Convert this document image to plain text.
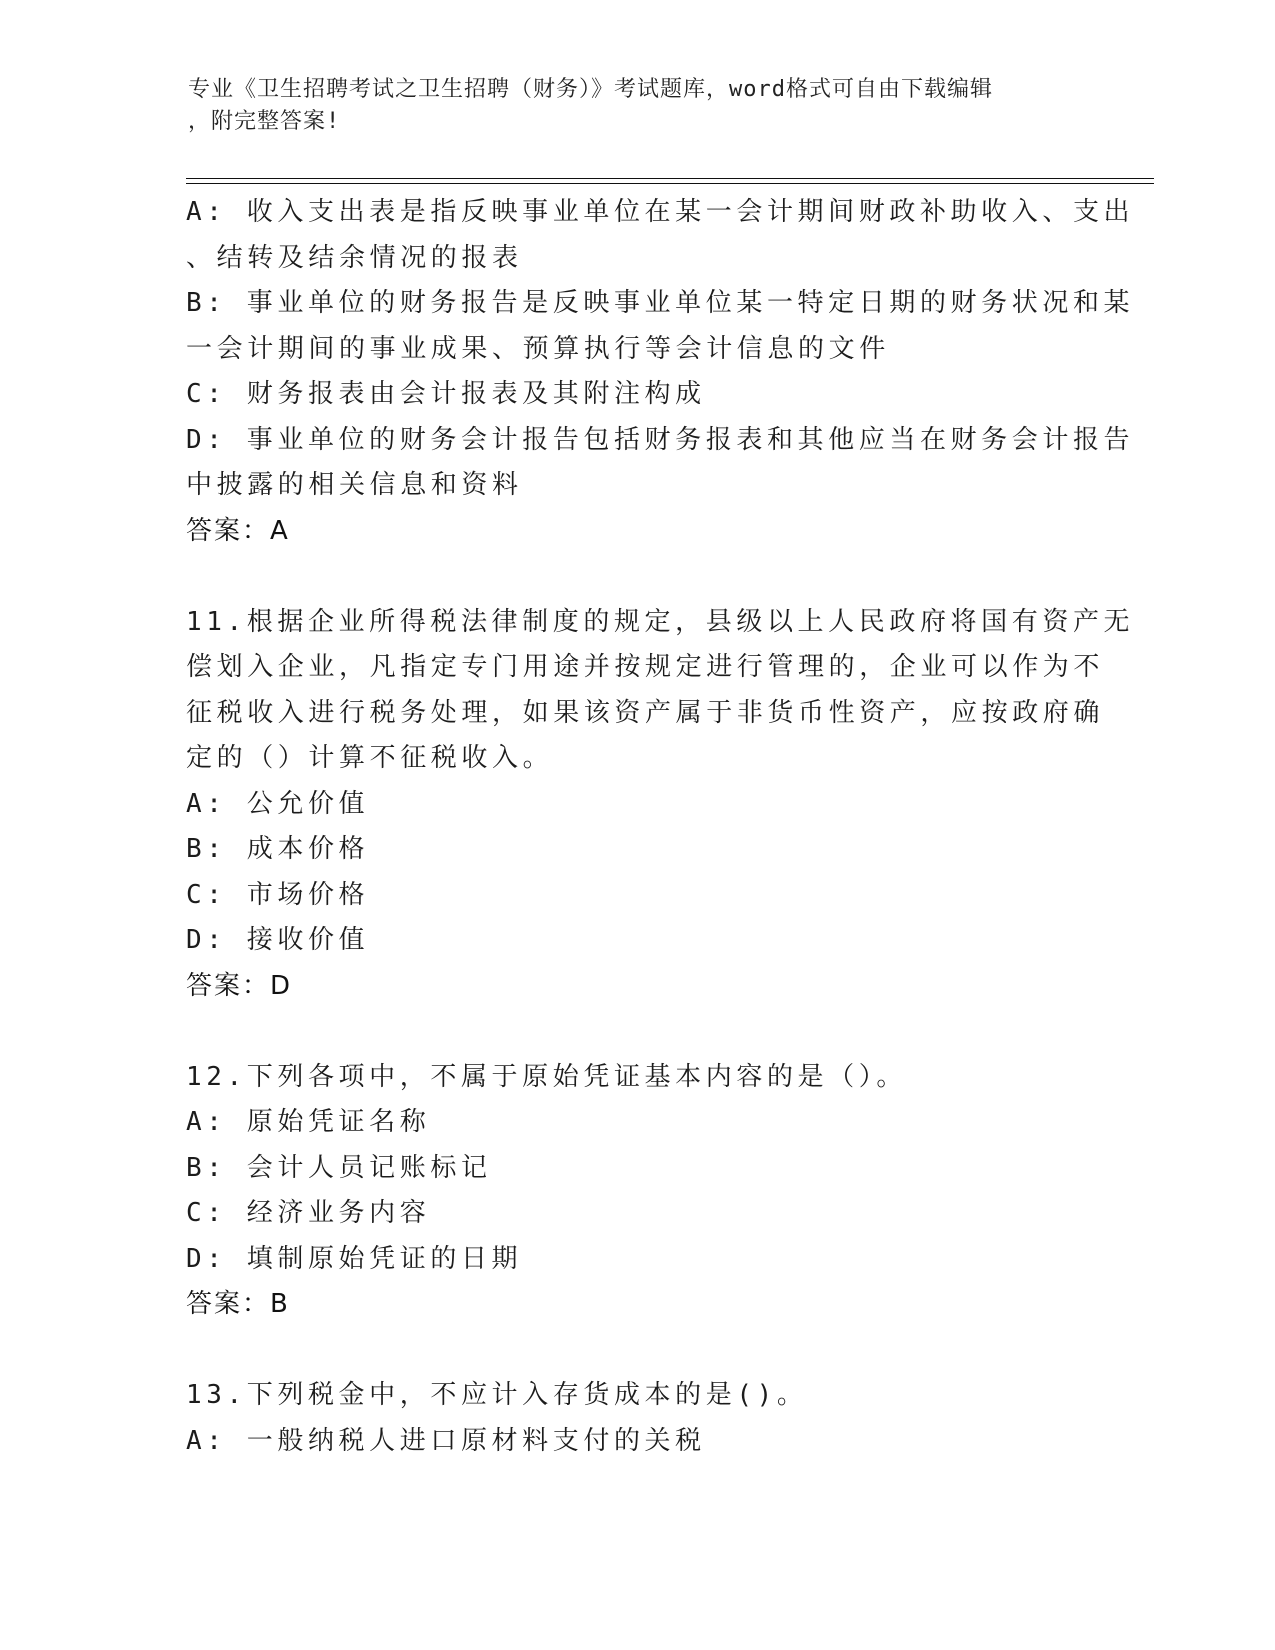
专业《卫生招聘考试之卫生招聘（财务）》考试题库，word格式可自由下载编辑
，附完整答案!
A: 收入支出表是指反映事业单位在某一会计期间财政补助收入、支出
、结转及结余情况的报表
B: 事业单位的财务报告是反映事业单位某一特定日期的财务状况和某
一会计期间的事业成果、预算执行等会计信息的文件
C: 财务报表由会计报表及其附注构成
D: 事业单位的财务会计报告包括财务报表和其他应当在财务会计报告
中披露的相关信息和资料
答案：A
11.根据企业所得税法律制度的规定，县级以上人民政府将国有资产无
偿划入企业，凡指定专门用途并按规定进行管理的，企业可以作为不
征税收入进行税务处理，如果该资产属于非货币性资产，应按政府确
定的（）计算不征税收入。
A: 公允价值
B: 成本价格
C: 市场价格
D: 接收价值
答案：D
12.下列各项中，不属于原始凭证基本内容的是（）。
A: 原始凭证名称
B: 会计人员记账标记
C: 经济业务内容
D: 填制原始凭证的日期
答案：B
13.下列税金中，不应计入存货成本的是()。
A: 一般纳税人进口原材料支付的关税
